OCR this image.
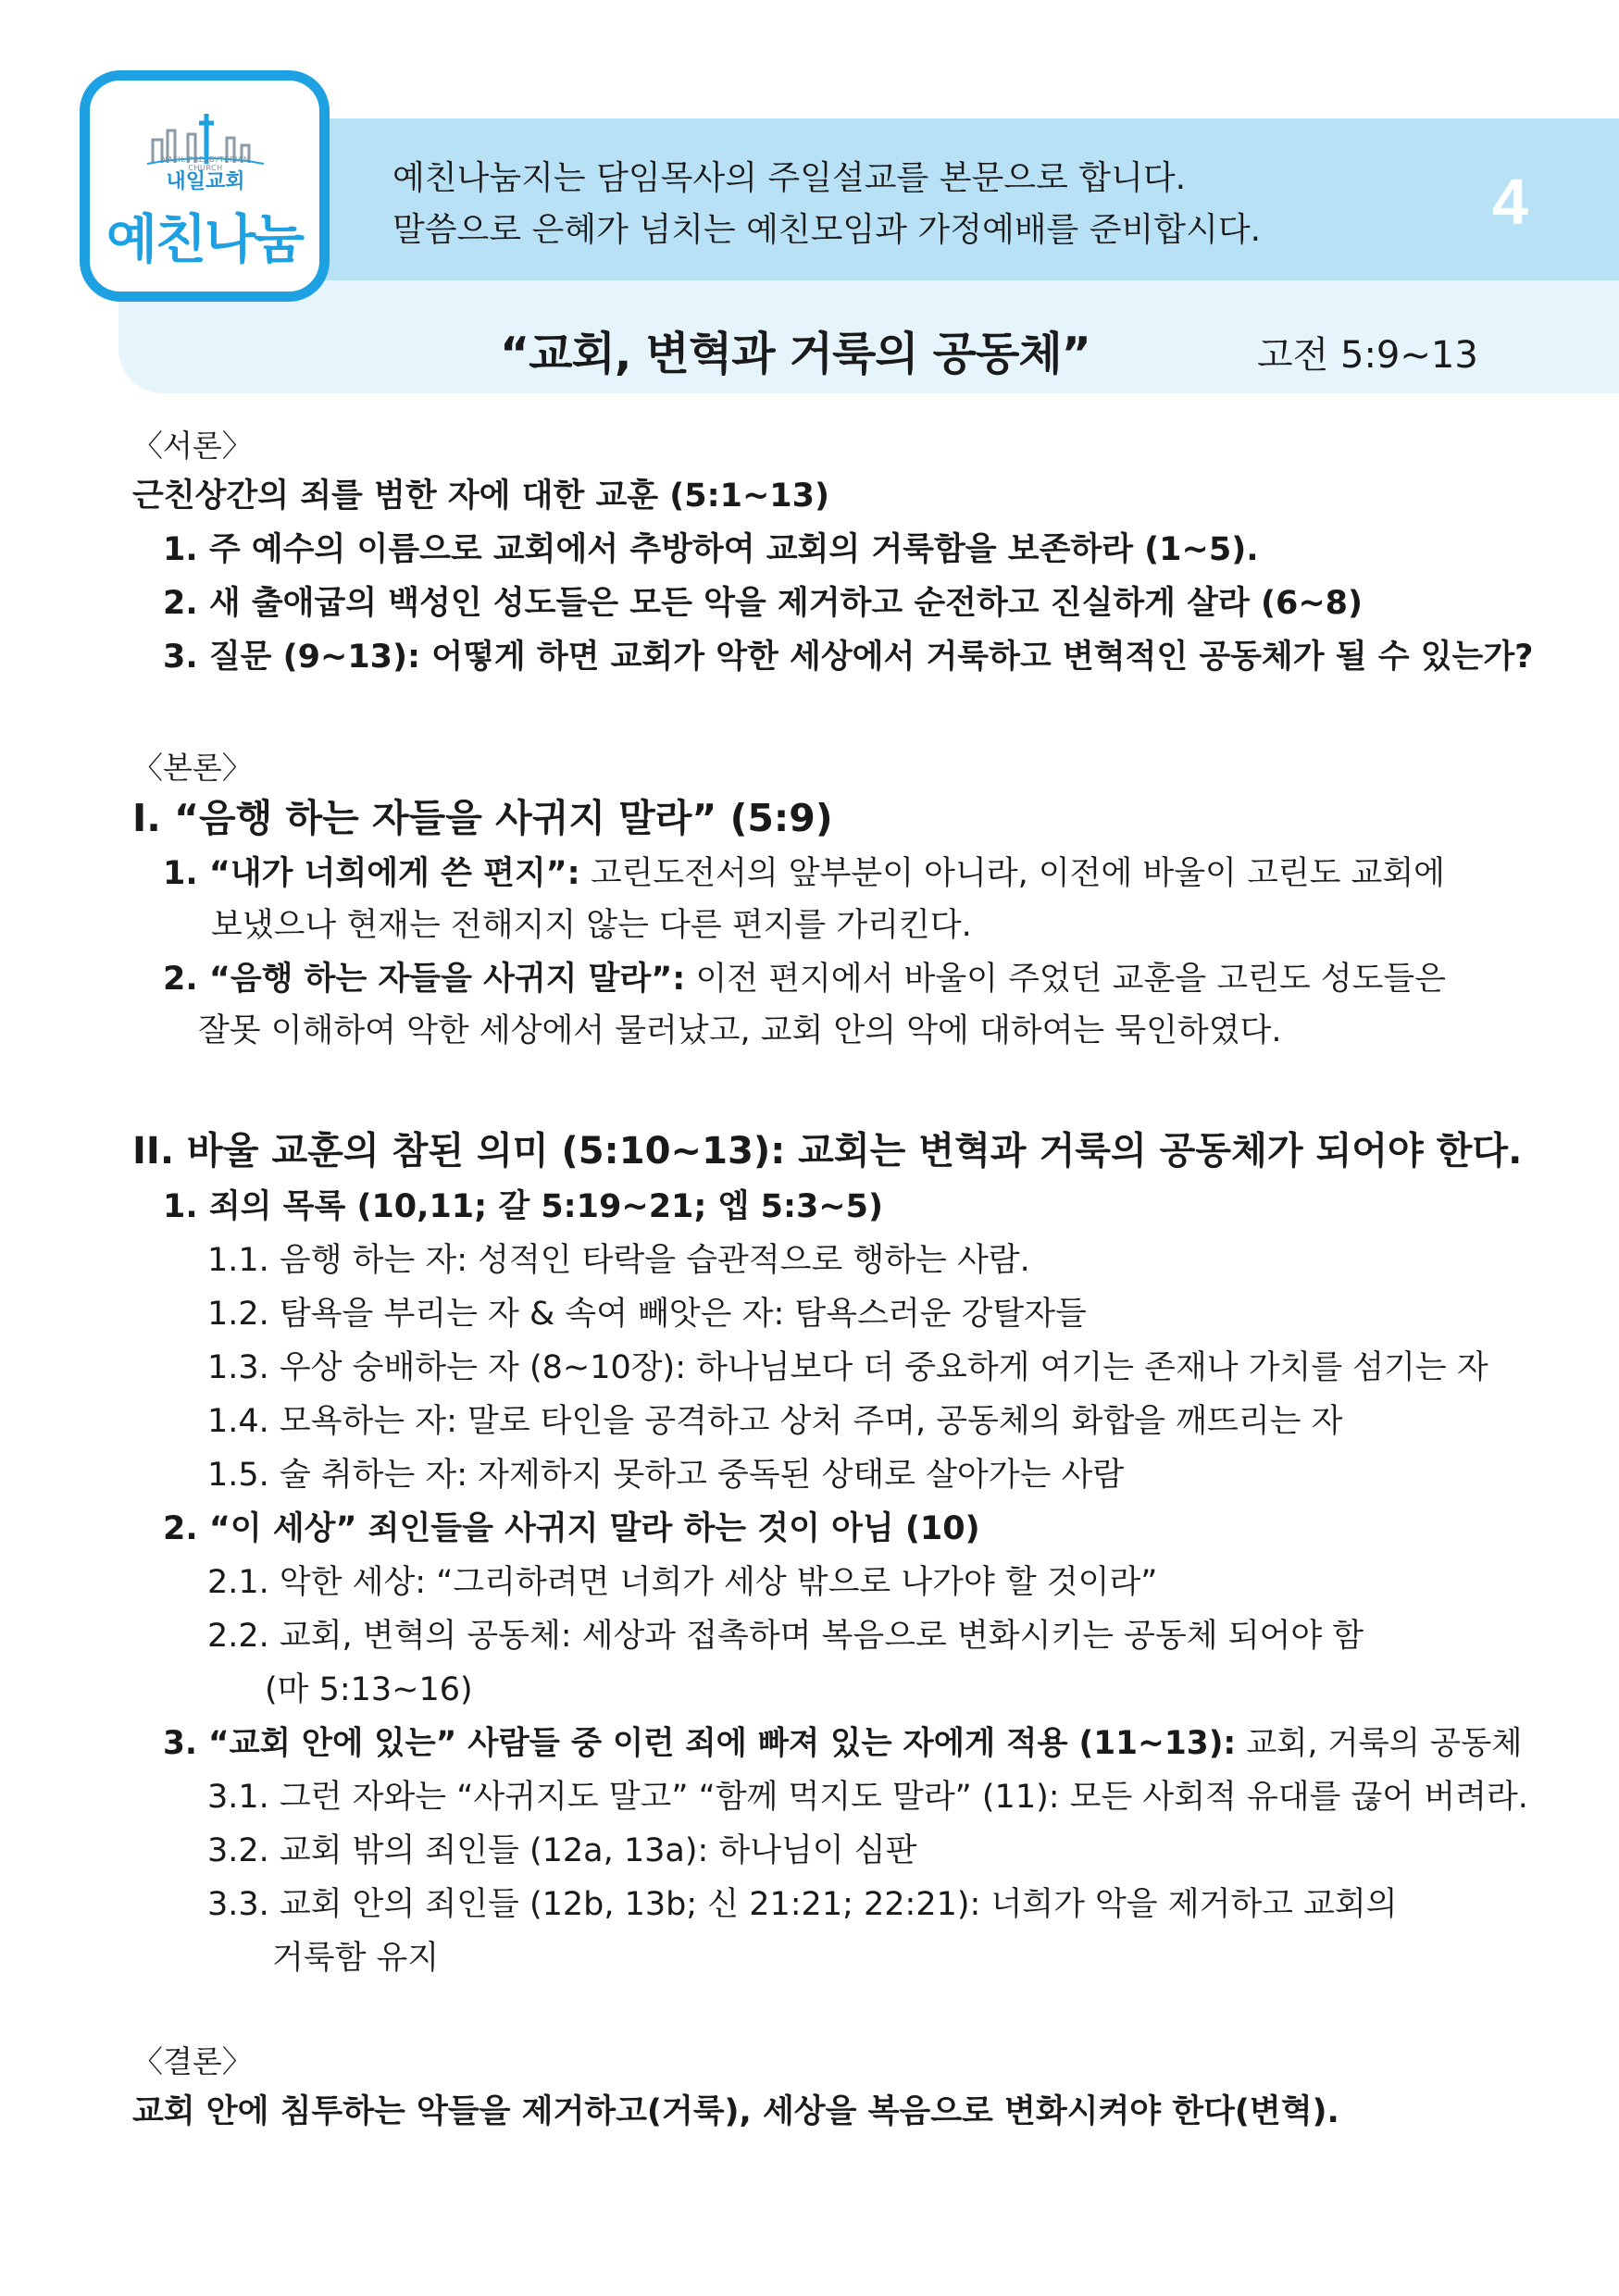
NAEIL PRESBYTERIAN CHURCH
내일교회
예친나눔
예친나눔지는 담임목사의 주일설교를 본문으로 합니다.
말씀으로 은혜가 넘치는 예친모임과 가정예배를 준비합시다.	4
“교회, 변혁과 거룩의 공동체”	고전 5:9~13
〈서론〉
근친상간의 죄를 범한 자에 대한 교훈 (5:1~13)
1. 주 예수의 이름으로 교회에서 추방하여 교회의 거룩함을 보존하라 (1~5).
2. 새 출애굽의 백성인 성도들은 모든 악을 제거하고 순전하고 진실하게 살라 (6~8)
3. 질문 (9~13): 어떻게 하면 교회가 악한 세상에서 거룩하고 변혁적인 공동체가 될 수 있는가?
〈본론〉
I. “음행 하는 자들을 사귀지 말라” (5:9)
1. “내가 너희에게 쓴 편지”: 고린도전서의 앞부분이 아니라, 이전에 바울이 고린도 교회에
보냈으나 현재는 전해지지 않는 다른 편지를 가리킨다.
2. “음행 하는 자들을 사귀지 말라”: 이전 편지에서 바울이 주었던 교훈을 고린도 성도들은
잘못 이해하여 악한 세상에서 물러났고, 교회 안의 악에 대하여는 묵인하였다.
II. 바울 교훈의 참된 의미 (5:10~13): 교회는 변혁과 거룩의 공동체가 되어야 한다.
1. 죄의 목록 (10,11; 갈 5:19~21; 엡 5:3~5)
1.1. 음행 하는 자: 성적인 타락을 습관적으로 행하는 사람.
1.2. 탐욕을 부리는 자 & 속여 빼앗은 자: 탐욕스러운 강탈자들
1.3. 우상 숭배하는 자 (8~10장): 하나님보다 더 중요하게 여기는 존재나 가치를 섬기는 자
1.4. 모욕하는 자: 말로 타인을 공격하고 상처 주며, 공동체의 화합을 깨뜨리는 자
1.5. 술 취하는 자: 자제하지 못하고 중독된 상태로 살아가는 사람
2. “이 세상” 죄인들을 사귀지 말라 하는 것이 아님 (10)
2.1. 악한 세상: “그리하려면 너희가 세상 밖으로 나가야 할 것이라”
2.2. 교회, 변혁의 공동체: 세상과 접촉하며 복음으로 변화시키는 공동체 되어야 함
(마 5:13~16)
3. “교회 안에 있는” 사람들 중 이런 죄에 빠져 있는 자에게 적용 (11~13): 교회, 거룩의 공동체
3.1. 그런 자와는 “사귀지도 말고” “함께 먹지도 말라” (11): 모든 사회적 유대를 끊어 버려라.
3.2. 교회 밖의 죄인들 (12a, 13a): 하나님이 심판
3.3. 교회 안의 죄인들 (12b, 13b; 신 21:21; 22:21): 너희가 악을 제거하고 교회의
거룩함 유지
〈결론〉
교회 안에 침투하는 악들을 제거하고(거룩), 세상을 복음으로 변화시켜야 한다(변혁).
